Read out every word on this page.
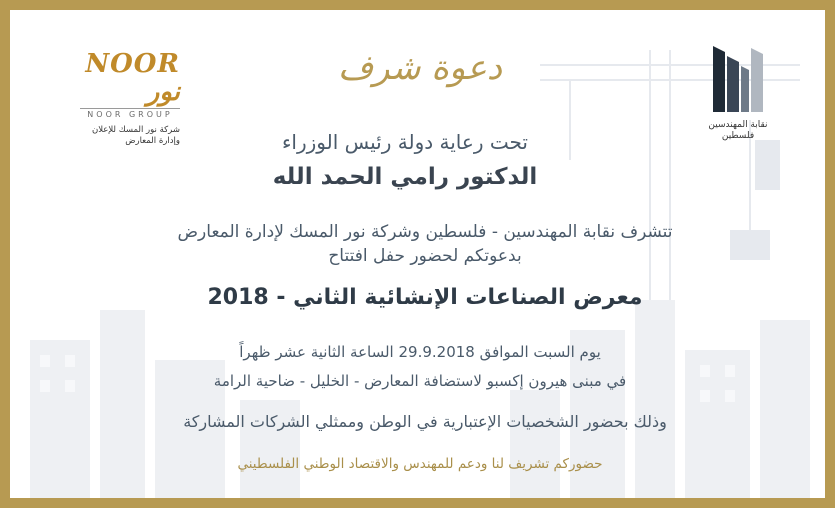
NOOR نور
NOOR GROUP
شركة نور المسك للإعلان
وإدارة المعارض
نقابة المهندسين
فلسطين
دعوة شرف
تحت رعاية دولة رئيس الوزراء
الدكتور رامي الحمد الله
تتشرف نقابة المهندسين - فلسطين وشركة نور المسك لإدارة المعارض
بدعوتكم لحضور حفل افتتاح
معرض الصناعات الإنشائية الثاني - 2018
يوم السبت الموافق 29.9.2018 الساعة الثانية عشر ظهراً
في مبنى هيرون إكسبو لاستضافة المعارض - الخليل - ضاحية الرامة
وذلك بحضور الشخصيات الإعتبارية في الوطن وممثلي الشركات المشاركة
حضوركم تشريف لنا ودعم للمهندس والاقتصاد الوطني الفلسطيني
